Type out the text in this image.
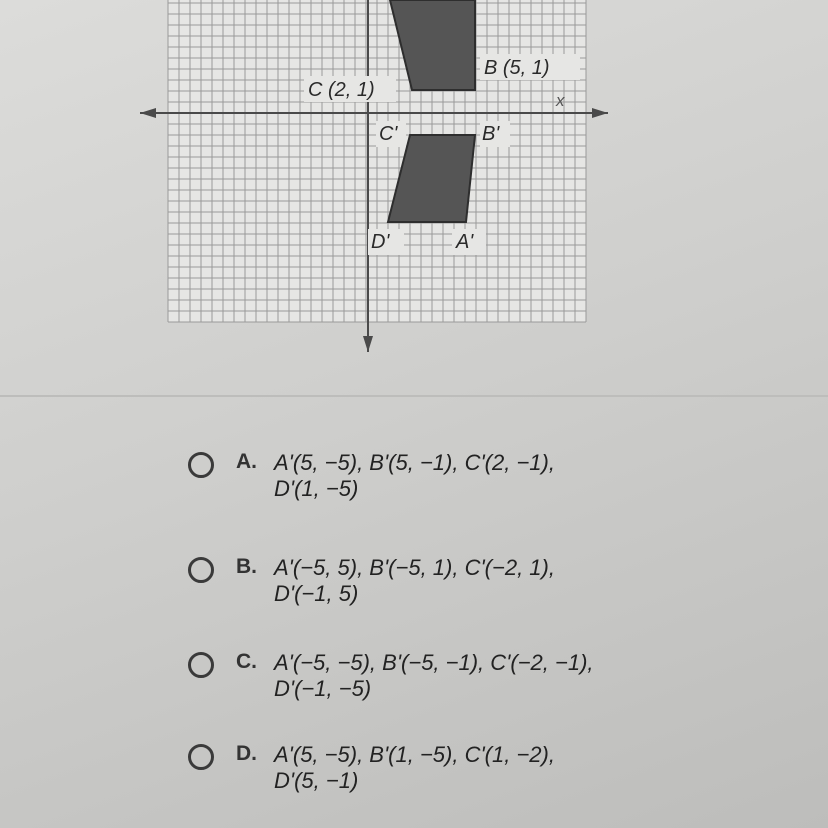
C (2, 1)
B (5, 1)
x
C'	B'
D'	A'
A. A'(5, −5), B'(5, −1), C'(2, −1),
D'(1, −5)
B. A'(−5, 5), B'(−5, 1), C'(−2, 1),
D'(−1, 5)
C. A'(−5, −5), B'(−5, −1), C'(−2, −1),
D'(−1, −5)
D. A'(5, −5), B'(1, −5), C'(1, −2),
D'(5, −1)
